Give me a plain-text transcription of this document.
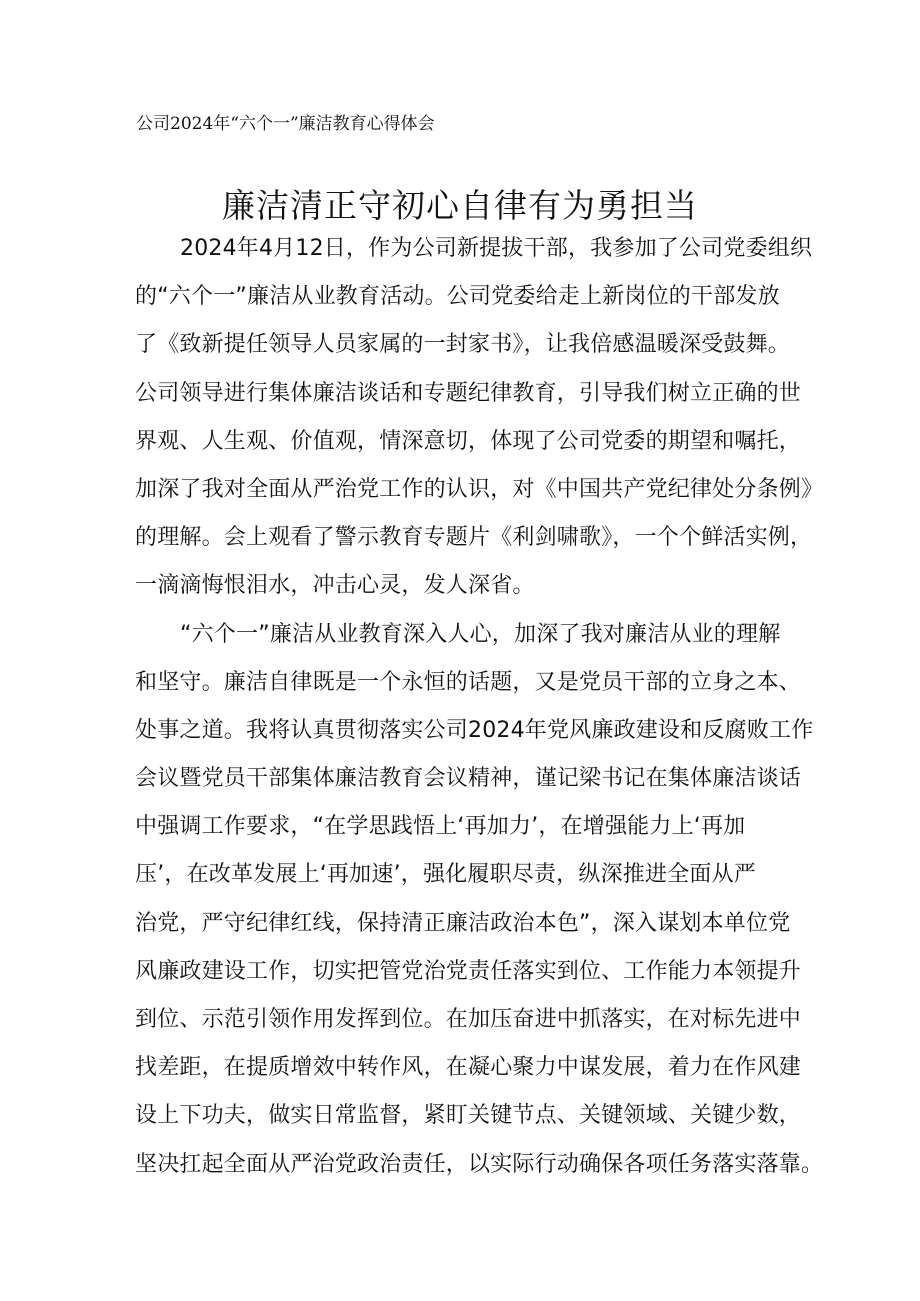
公司2024年“六个一”廉洁教育心得体会
廉洁清正守初心自律有为勇担当
2024年4月12日，作为公司新提拔干部，我参加了公司党委组织
的“六个一”廉洁从业教育活动。公司党委给走上新岗位的干部发放
了《致新提任领导人员家属的一封家书》，让我倍感温暖深受鼓舞。
公司领导进行集体廉洁谈话和专题纪律教育，引导我们树立正确的世
界观、人生观、价值观，情深意切，体现了公司党委的期望和嘱托，
加深了我对全面从严治党工作的认识，对《中国共产党纪律处分条例》
的理解。会上观看了警示教育专题片《利剑啸歌》，一个个鲜活实例，
一滴滴悔恨泪水，冲击心灵，发人深省。
“六个一”廉洁从业教育深入人心，加深了我对廉洁从业的理解
和坚守。廉洁自律既是一个永恒的话题，又是党员干部的立身之本、
处事之道。我将认真贯彻落实公司2024年党风廉政建设和反腐败工作
会议暨党员干部集体廉洁教育会议精神，谨记梁书记在集体廉洁谈话
中强调工作要求，“在学思践悟上‘再加力’，在增强能力上‘再加
压’，在改革发展上‘再加速’，强化履职尽责，纵深推进全面从严
治党，严守纪律红线，保持清正廉洁政治本色”，深入谋划本单位党
风廉政建设工作，切实把管党治党责任落实到位、工作能力本领提升
到位、示范引领作用发挥到位。在加压奋进中抓落实，在对标先进中
找差距，在提质增效中转作风，在凝心聚力中谋发展，着力在作风建
设上下功夫，做实日常监督，紧盯关键节点、关键领域、关键少数，
坚决扛起全面从严治党政治责任，以实际行动确保各项任务落实落靠。
